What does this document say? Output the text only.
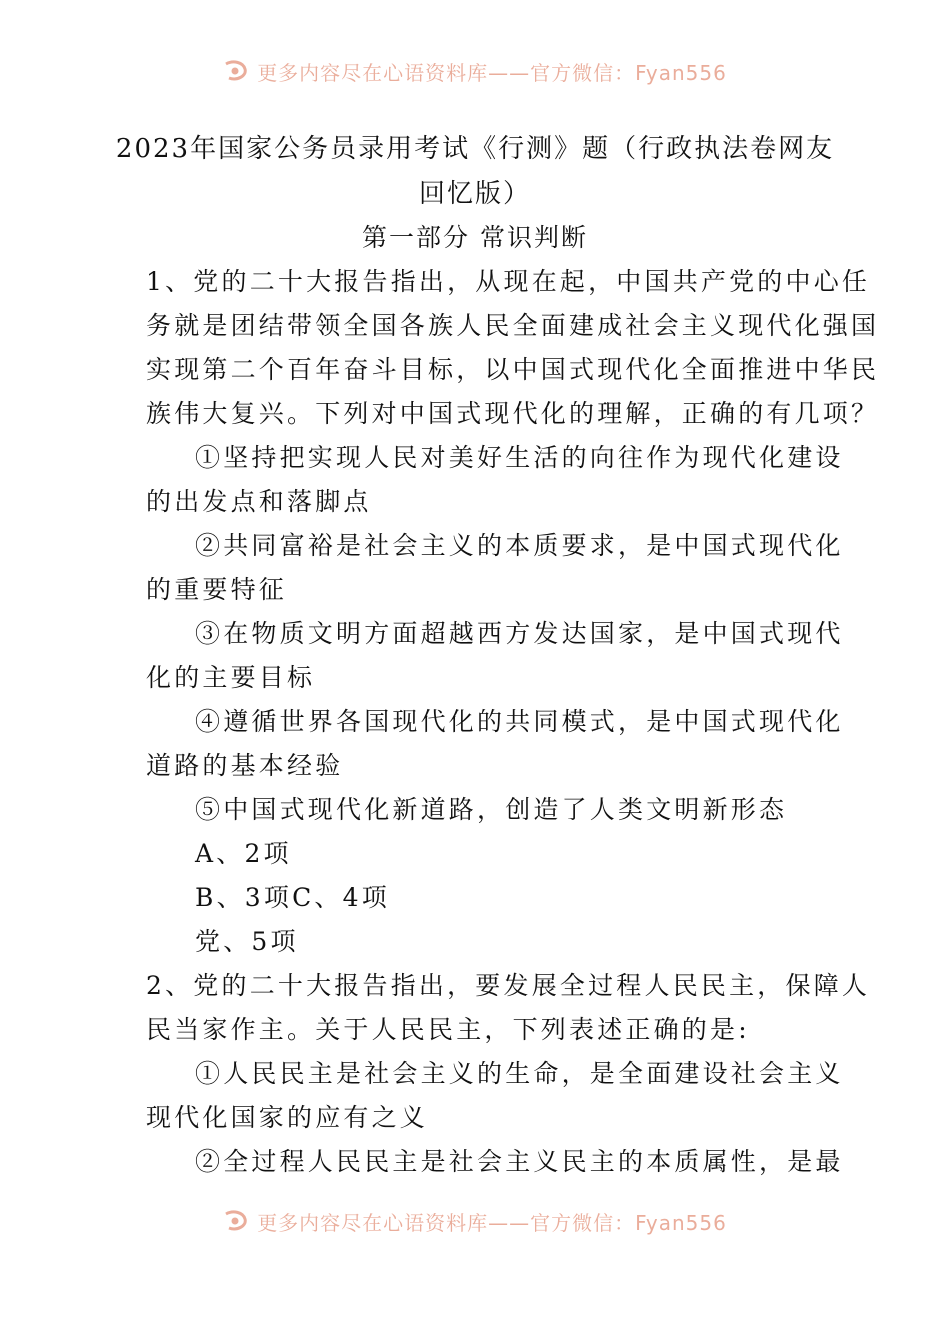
更多内容尽在心语资料库——官方微信：Fyan556
2023年国家公务员录用考试《行测》题（行政执法卷网友
回忆版）
第一部分 常识判断
1、党的二十大报告指出，从现在起，中国共产党的中心任
务就是团结带领全国各族人民全面建成社会主义现代化强国
实现第二个百年奋斗目标，以中国式现代化全面推进中华民
族伟大复兴。下列对中国式现代化的理解，正确的有几项？
①坚持把实现人民对美好生活的向往作为现代化建设
的出发点和落脚点
②共同富裕是社会主义的本质要求，是中国式现代化
的重要特征
③在物质文明方面超越西方发达国家，是中国式现代
化的主要目标
④遵循世界各国现代化的共同模式，是中国式现代化
道路的基本经验
⑤中国式现代化新道路，创造了人类文明新形态
A、2项
B、3项C、4项
党、5项
2、党的二十大报告指出，要发展全过程人民民主，保障人
民当家作主。关于人民民主，下列表述正确的是:
①人民民主是社会主义的生命，是全面建设社会主义
现代化国家的应有之义
②全过程人民民主是社会主义民主的本质属性，是最
更多内容尽在心语资料库——官方微信：Fyan556
